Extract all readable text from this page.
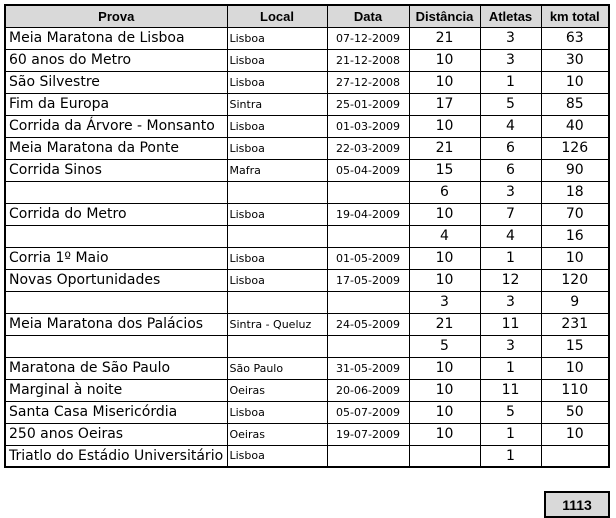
Prova	Local	Data	Distância	Atletas	km total
Meia Maratona de Lisboa	Lisboa	07-12-2009	21	3	63
60 anos do Metro	Lisboa	21-12-2008	10	3	30
São Silvestre	Lisboa	27-12-2008	10	1	10
Fim da Europa	Sintra	25-01-2009	17	5	85
Corrida da Árvore - Monsanto	Lisboa	01-03-2009	10	4	40
Meia Maratona da Ponte	Lisboa	22-03-2009	21	6	126
Corrida Sinos	Mafra	05-04-2009	15	6	90
			6	3	18
Corrida do Metro	Lisboa	19-04-2009	10	7	70
			4	4	16
Corria 1º Maio	Lisboa	01-05-2009	10	1	10
Novas Oportunidades	Lisboa	17-05-2009	10	12	120
			3	3	9
Meia Maratona dos Palácios	Sintra - Queluz	24-05-2009	21	11	231
			5	3	15
Maratona de São Paulo	São Paulo	31-05-2009	10	1	10
Marginal à noite	Oeiras	20-06-2009	10	11	110
Santa Casa Misericórdia	Lisboa	05-07-2009	10	5	50
250 anos Oeiras	Oeiras	19-07-2009	10	1	10
Triatlo do Estádio Universitário	Lisboa			1	
1113
